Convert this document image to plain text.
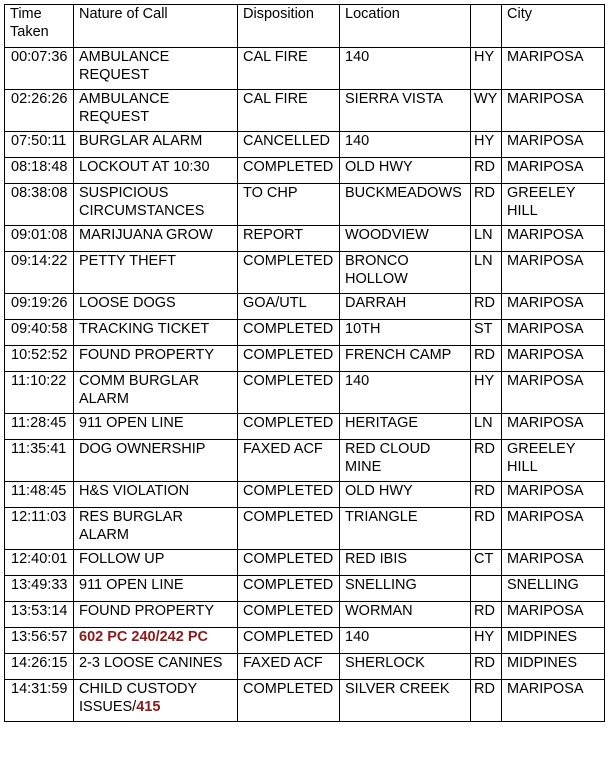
Time Taken	Nature of Call	Disposition	Location		City
00:07:36	AMBULANCE REQUEST	CAL FIRE	140	HY	MARIPOSA
02:26:26	AMBULANCE REQUEST	CAL FIRE	SIERRA VISTA	WY	MARIPOSA
07:50:11	BURGLAR ALARM	CANCELLED	140	HY	MARIPOSA
08:18:48	LOCKOUT AT 10:30	COMPLETED	OLD HWY	RD	MARIPOSA
08:38:08	SUSPICIOUS CIRCUMSTANCES	TO CHP	BUCKMEADOWS	RD	GREELEY HILL
09:01:08	MARIJUANA GROW	REPORT	WOODVIEW	LN	MARIPOSA
09:14:22	PETTY THEFT	COMPLETED	BRONCO HOLLOW	LN	MARIPOSA
09:19:26	LOOSE DOGS	GOA/UTL	DARRAH	RD	MARIPOSA
09:40:58	TRACKING TICKET	COMPLETED	10TH	ST	MARIPOSA
10:52:52	FOUND PROPERTY	COMPLETED	FRENCH CAMP	RD	MARIPOSA
11:10:22	COMM BURGLAR ALARM	COMPLETED	140	HY	MARIPOSA
11:28:45	911 OPEN LINE	COMPLETED	HERITAGE	LN	MARIPOSA
11:35:41	DOG OWNERSHIP	FAXED ACF	RED CLOUD MINE	RD	GREELEY HILL
11:48:45	H&S VIOLATION	COMPLETED	OLD HWY	RD	MARIPOSA
12:11:03	RES BURGLAR ALARM	COMPLETED	TRIANGLE	RD	MARIPOSA
12:40:01	FOLLOW UP	COMPLETED	RED IBIS	CT	MARIPOSA
13:49:33	911 OPEN LINE	COMPLETED	SNELLING		SNELLING
13:53:14	FOUND PROPERTY	COMPLETED	WORMAN	RD	MARIPOSA
13:56:57	602 PC 240/242 PC	COMPLETED	140	HY	MIDPINES
14:26:15	2-3 LOOSE CANINES	FAXED ACF	SHERLOCK	RD	MIDPINES
14:31:59	CHILD CUSTODY ISSUES/415	COMPLETED	SILVER CREEK	RD	MARIPOSA
